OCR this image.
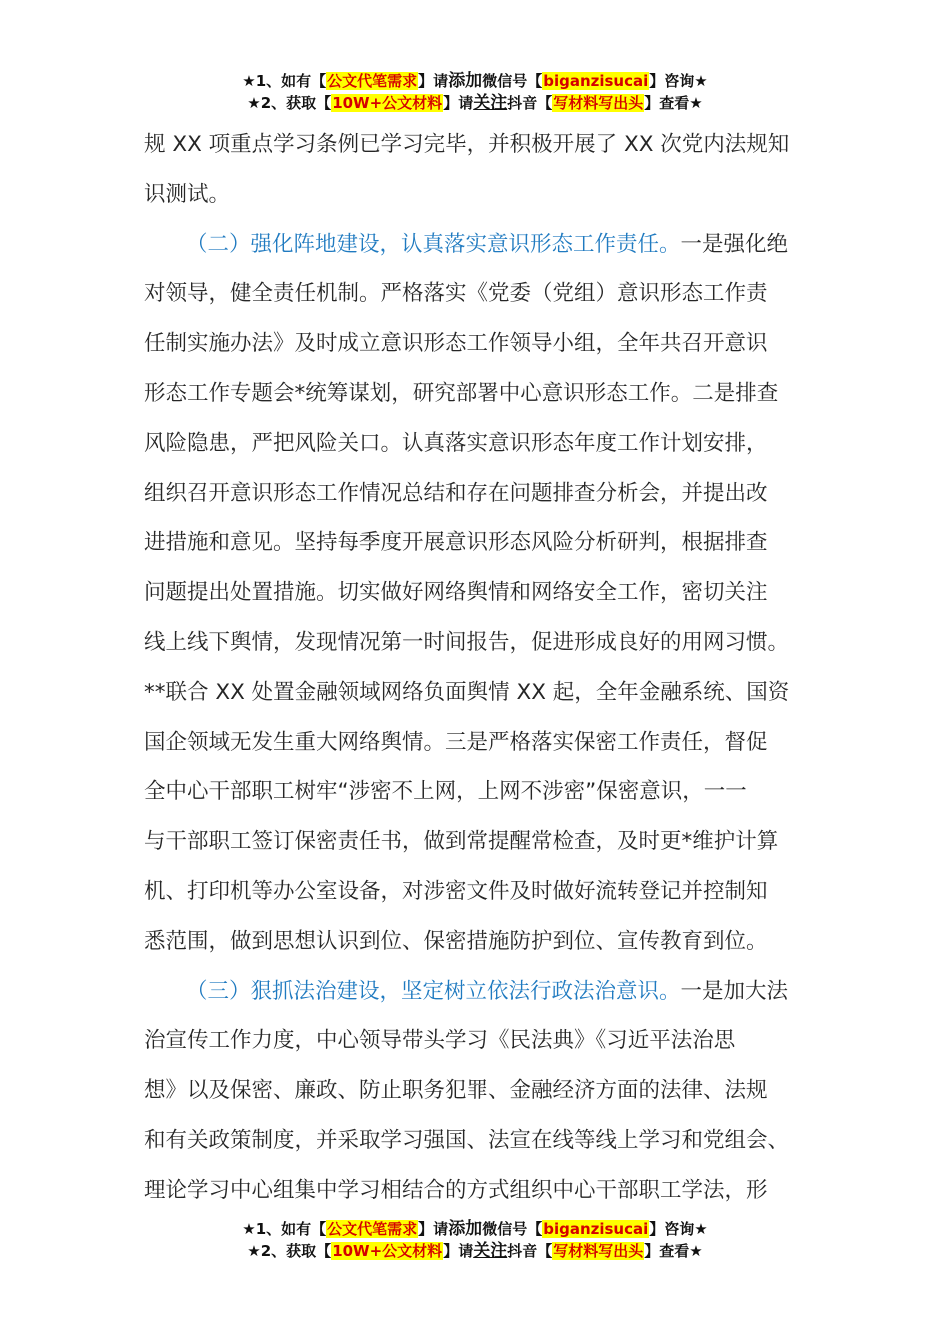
★1、如有【公文代笔需求】请添加微信号【biganzisucai】咨询★
★2、获取【10W+公文材料】请关注抖音【写材料写出头】查看★
规 XX 项重点学习条例已学习完毕，并积极开展了 XX 次党内法规知
识测试。
（二）强化阵地建设，认真落实意识形态工作责任。一是强化绝
对领导，健全责任机制。严格落实《党委（党组）意识形态工作责
任制实施办法》及时成立意识形态工作领导小组，全年共召开意识
形态工作专题会*统筹谋划，研究部署中心意识形态工作。二是排查
风险隐患，严把风险关口。认真落实意识形态年度工作计划安排，
组织召开意识形态工作情况总结和存在问题排查分析会，并提出改
进措施和意见。坚持每季度开展意识形态风险分析研判，根据排查
问题提出处置措施。切实做好网络舆情和网络安全工作，密切关注
线上线下舆情，发现情况第一时间报告，促进形成良好的用网习惯。
**联合 XX 处置金融领域网络负面舆情 XX 起，全年金融系统、国资
国企领域无发生重大网络舆情。三是严格落实保密工作责任，督促
全中心干部职工树牢“涉密不上网，上网不涉密”保密意识，一一
与干部职工签订保密责任书，做到常提醒常检查，及时更*维护计算
机、打印机等办公室设备，对涉密文件及时做好流转登记并控制知
悉范围，做到思想认识到位、保密措施防护到位、宣传教育到位。
（三）狠抓法治建设，坚定树立依法行政法治意识。一是加大法
治宣传工作力度，中心领导带头学习《民法典》《习近平法治思
想》以及保密、廉政、防止职务犯罪、金融经济方面的法律、法规
和有关政策制度，并采取学习强国、法宣在线等线上学习和党组会、
理论学习中心组集中学习相结合的方式组织中心干部职工学法，形
★1、如有【公文代笔需求】请添加微信号【biganzisucai】咨询★
★2、获取【10W+公文材料】请关注抖音【写材料写出头】查看★
